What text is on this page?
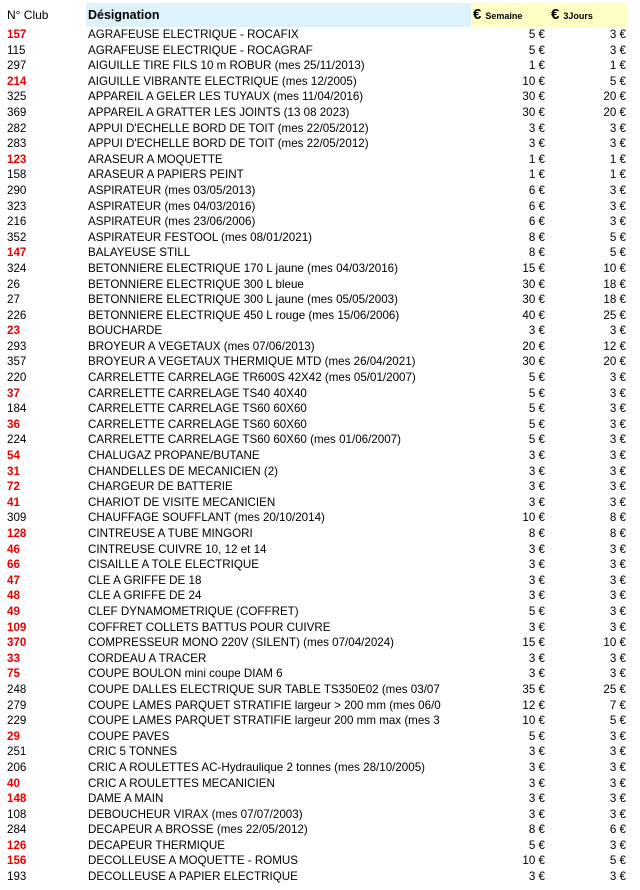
N° Club	Désignation	€ Semaine	€ 3Jours
157	AGRAFEUSE ELECTRIQUE - ROCAFIX	5 €	3 €
115	AGRAFEUSE ELECTRIQUE - ROCAGRAF	5 €	3 €
297	AIGUILLE TIRE FILS 10 m ROBUR (mes 25/11/2013)	1 €	1 €
214	AIGUILLE VIBRANTE ELECTRIQUE (mes 12/2005)	10 €	5 €
325	APPAREIL A GELER LES TUYAUX (mes 11/04/2016)	30 €	20 €
369	APPAREIL A GRATTER LES JOINTS (13 08 2023)	30 €	20 €
282	APPUI D'ECHELLE BORD DE TOIT (mes 22/05/2012)	3 €	3 €
283	APPUI D'ECHELLE BORD DE TOIT (mes 22/05/2012)	3 €	3 €
123	ARASEUR A MOQUETTE	1 €	1 €
158	ARASEUR A PAPIERS PEINT	1 €	1 €
290	ASPIRATEUR (mes 03/05/2013)	6 €	3 €
323	ASPIRATEUR (mes 04/03/2016)	6 €	3 €
216	ASPIRATEUR (mes 23/06/2006)	6 €	3 €
352	ASPIRATEUR FESTOOL (mes 08/01/2021)	8 €	5 €
147	BALAYEUSE STILL	8 €	5 €
324	BETONNIERE ELECTRIQUE 170 L jaune (mes 04/03/2016)	15 €	10 €
26	BETONNIERE ELECTRIQUE 300 L bleue	30 €	18 €
27	BETONNIERE ELECTRIQUE 300 L jaune (mes 05/05/2003)	30 €	18 €
226	BETONNIERE ELECTRIQUE 450 L rouge (mes 15/06/2006)	40 €	25 €
23	BOUCHARDE	3 €	3 €
293	BROYEUR A VEGETAUX (mes 07/06/2013)	20 €	12 €
357	BROYEUR A VEGETAUX THERMIQUE MTD (mes 26/04/2021)	30 €	20 €
220	CARRELETTE CARRELAGE TR600S 42X42 (mes 05/01/2007)	5 €	3 €
37	CARRELETTE CARRELAGE TS40 40X40	5 €	3 €
184	CARRELETTE CARRELAGE TS60 60X60	5 €	3 €
36	CARRELETTE CARRELAGE TS60 60X60	5 €	3 €
224	CARRELETTE CARRELAGE TS60 60X60 (mes 01/06/2007)	5 €	3 €
54	CHALUGAZ PROPANE/BUTANE	3 €	3 €
31	CHANDELLES DE MECANICIEN (2)	3 €	3 €
72	CHARGEUR DE BATTERIE	3 €	3 €
41	CHARIOT DE VISITE MECANICIEN	3 €	3 €
309	CHAUFFAGE SOUFFLANT (mes 20/10/2014)	10 €	8 €
128	CINTREUSE A TUBE MINGORI	8 €	8 €
46	CINTREUSE CUIVRE 10, 12 et 14	3 €	3 €
66	CISAILLE A TOLE ELECTRIQUE	3 €	3 €
47	CLE A GRIFFE DE 18	3 €	3 €
48	CLE A GRIFFE DE 24	3 €	3 €
49	CLEF DYNAMOMETRIQUE (COFFRET)	5 €	3 €
109	COFFRET COLLETS BATTUS POUR CUIVRE	3 €	3 €
370	COMPRESSEUR MONO 220V (SILENT) (mes 07/04/2024)	15 €	10 €
33	CORDEAU A TRACER	3 €	3 €
75	COUPE BOULON mini coupe DIAM 6	3 €	3 €
248	COUPE DALLES ELECTRIQUE SUR TABLE TS350E02 (mes 03/07	35 €	25 €
279	COUPE LAMES PARQUET STRATIFIE largeur > 200 mm (mes 06/0	12 €	7 €
229	COUPE LAMES PARQUET STRATIFIE largeur 200 mm max (mes 3	10 €	5 €
29	COUPE PAVES	5 €	3 €
251	CRIC 5 TONNES	3 €	3 €
206	CRIC A ROULETTES AC-Hydraulique 2 tonnes (mes 28/10/2005)	3 €	3 €
40	CRIC A ROULETTES MECANICIEN	3 €	3 €
148	DAME A MAIN	3 €	3 €
108	DEBOUCHEUR VIRAX (mes 07/07/2003)	3 €	3 €
284	DECAPEUR A BROSSE (mes 22/05/2012)	8 €	6 €
126	DECAPEUR THERMIQUE	5 €	3 €
156	DECOLLEUSE A MOQUETTE - ROMUS	10 €	5 €
193	DECOLLEUSE A PAPIER ELECTRIQUE	3 €	3 €
